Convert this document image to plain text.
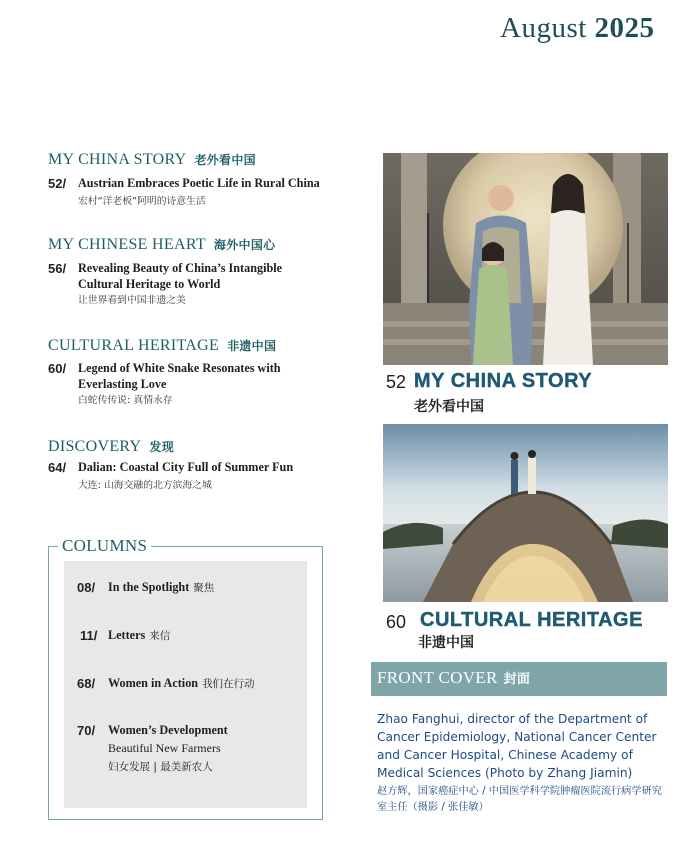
August 2025
MY CHINA STORY 老外看中国
52/ Austrian Embraces Poetic Life in Rural China
宏村“洋老板”阿明的诗意生活
MY CHINESE HEART 海外中国心
56/ Revealing Beauty of China’s Intangible
Cultural Heritage to World
让世界看到中国非遗之美
CULTURAL HERITAGE 非遗中国
60/ Legend of White Snake Resonates with
Everlasting Love
白蛇传传说: 真情永存
DISCOVERY 发现
64/ Dalian: Coastal City Full of Summer Fun
大连: 山海交融的北方滨海之城
COLUMNS
08/ In the Spotlight 聚焦
11/ Letters 来信
68/ Women in Action 我们在行动
70/ Women’s Development
Beautiful New Farmers
妇女发展 | 最美新农人
52 MY CHINA STORY
老外看中国
60 CULTURAL HERITAGE
非遗中国
FRONT COVER 封面
Zhao Fanghui, director of the Department of Cancer Epidemiology, National Cancer Center and Cancer Hospital, Chinese Academy of Medical Sciences (Photo by Zhang Jiamin)
赵方辉，国家癌症中心 / 中国医学科学院肿瘤医院流行病学研究室主任（摄影 / 张佳敏）
